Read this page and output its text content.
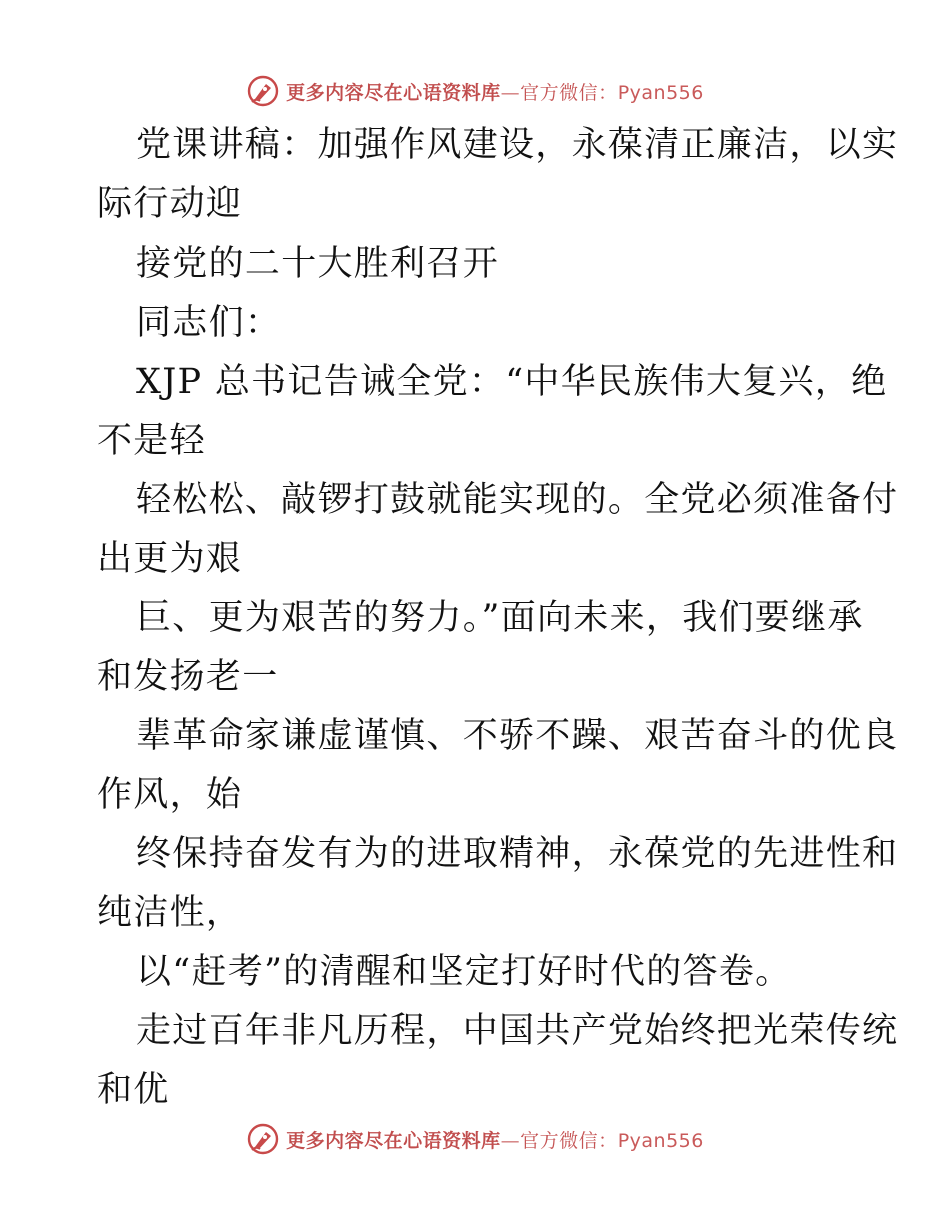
更多内容尽在心语资料库—官方微信：Pyan556
党课讲稿：加强作风建设，永葆清正廉洁，以实
际行动迎
接党的二十大胜利召开
同志们：
XJP 总书记告诫全党：“中华民族伟大复兴，绝
不是轻
轻松松、敲锣打鼓就能实现的。全党必须准备付
出更为艰
巨、更为艰苦的努力。”面向未来，我们要继承
和发扬老一
辈革命家谦虚谨慎、不骄不躁、艰苦奋斗的优良
作风，始
终保持奋发有为的进取精神，永葆党的先进性和
纯洁性，
以“赶考”的清醒和坚定打好时代的答卷。
走过百年非凡历程，中国共产党始终把光荣传统
和优
更多内容尽在心语资料库—官方微信：Pyan556
